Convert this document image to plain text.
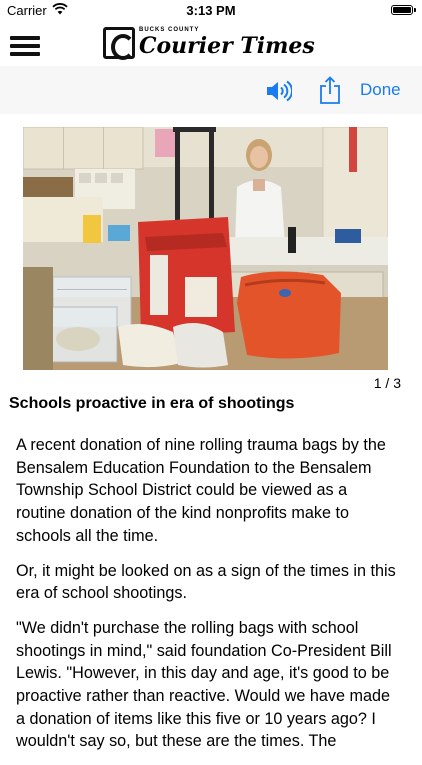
Carrier	3:13 PM
BUCKS COUNTY
Courier Times
Done
1 / 3
Schools proactive in era of shootings

A recent donation of nine rolling trauma bags by the Bensalem Education Foundation to the Bensalem Township School District could be viewed as a routine donation of the kind nonprofits make to schools all the time.

Or, it might be looked on as a sign of the times in this era of school shootings.

"We didn't purchase the rolling bags with school shootings in mind," said foundation Co-President Bill Lewis. "However, in this day and age, it's good to be proactive rather than reactive. Would we have made a donation of items like this five or 10 years ago? I wouldn't say so, but these are the times. The
